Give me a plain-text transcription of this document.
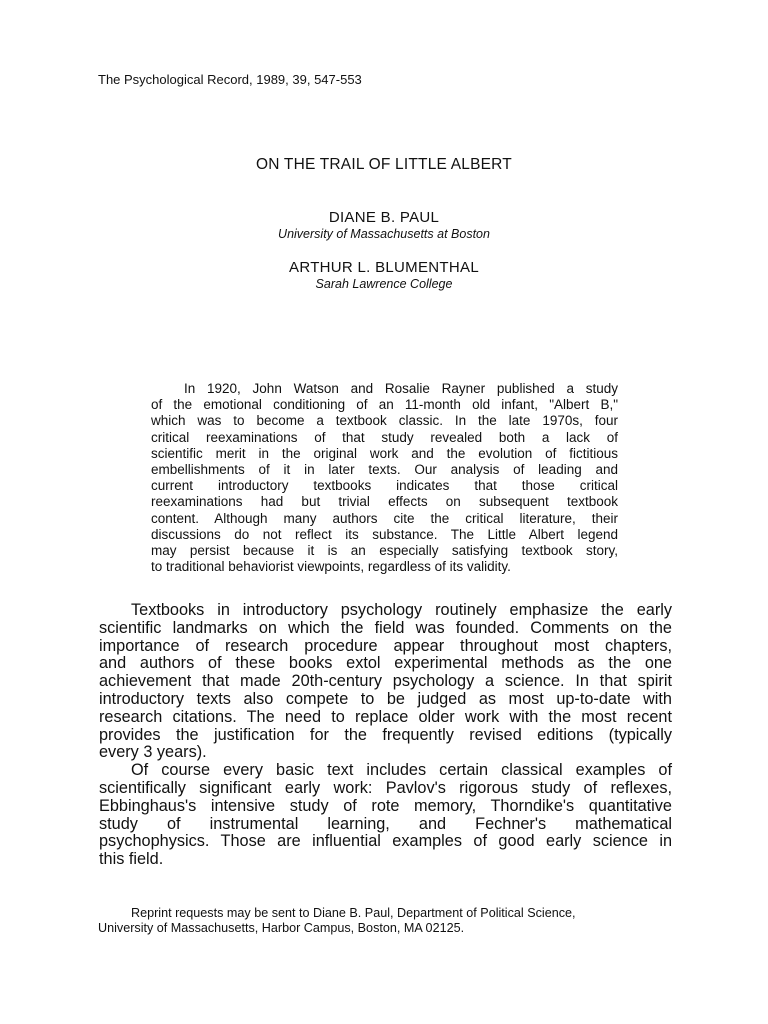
The Psychological Record, 1989, 39, 547-553
ON THE TRAIL OF LITTLE ALBERT
DIANE B. PAUL
University of Massachusetts at Boston
ARTHUR L. BLUMENTHAL
Sarah Lawrence College
In 1920, John Watson and Rosalie Rayner published a study
of the emotional conditioning of an 11-month old infant, "Albert B,"
which was to become a textbook classic. In the late 1970s, four
critical reexaminations of that study revealed both a lack of
scientific merit in the original work and the evolution of fictitious
embellishments of it in later texts. Our analysis of leading and
current introductory textbooks indicates that those critical
reexaminations had but trivial effects on subsequent textbook
content. Although many authors cite the critical literature, their
discussions do not reflect its substance. The Little Albert legend
may persist because it is an especially satisfying textbook story,
to traditional behaviorist viewpoints, regardless of its validity.
Textbooks in introductory psychology routinely emphasize the early
scientific landmarks on which the field was founded. Comments on the
importance of research procedure appear throughout most chapters,
and authors of these books extol experimental methods as the one
achievement that made 20th-century psychology a science. In that spirit
introductory texts also compete to be judged as most up-to-date with
research citations. The need to replace older work with the most recent
provides the justification for the frequently revised editions (typically
every 3 years).
Of course every basic text includes certain classical examples of
scientifically significant early work: Pavlov's rigorous study of reflexes,
Ebbinghaus's intensive study of rote memory, Thorndike's quantitative
study of instrumental learning, and Fechner's mathematical
psychophysics. Those are influential examples of good early science in
this field.
Reprint requests may be sent to Diane B. Paul, Department of Political Science,
University of Massachusetts, Harbor Campus, Boston, MA 02125.
